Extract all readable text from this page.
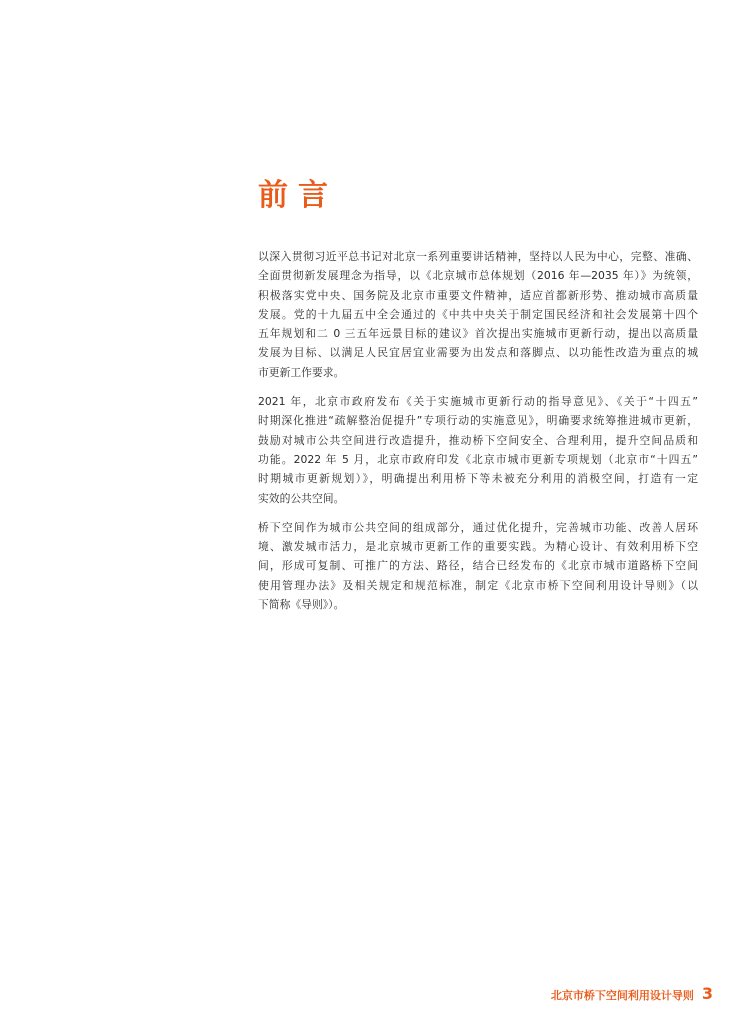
前言

以深入贯彻习近平总书记对北京一系列重要讲话精神，坚持以人民为中心，完整、准确、
全面贯彻新发展理念为指导，以《北京城市总体规划（2016 年—2035 年）》为统领，
积极落实党中央、国务院及北京市重要文件精神，适应首都新形势、推动城市高质量
发展。党的十九届五中全会通过的《中共中央关于制定国民经济和社会发展第十四个
五年规划和二 0 三五年远景目标的建议》首次提出实施城市更新行动，提出以高质量
发展为目标、以满足人民宜居宜业需要为出发点和落脚点、以功能性改造为重点的城
市更新工作要求。

2021 年，北京市政府发布《关于实施城市更新行动的指导意见》、《关于“十四五”
时期深化推进“疏解整治促提升”专项行动的实施意见》，明确要求统筹推进城市更新，
鼓励对城市公共空间进行改造提升，推动桥下空间安全、合理利用，提升空间品质和
功能。2022 年 5 月，北京市政府印发《北京市城市更新专项规划（北京市“十四五”
时期城市更新规划）》，明确提出利用桥下等未被充分利用的消极空间，打造有一定
实效的公共空间。

桥下空间作为城市公共空间的组成部分，通过优化提升，完善城市功能、改善人居环
境、激发城市活力，是北京城市更新工作的重要实践。为精心设计、有效利用桥下空
间，形成可复制、可推广的方法、路径，结合已经发布的《北京市城市道路桥下空间
使用管理办法》及相关规定和规范标准，制定《北京市桥下空间利用设计导则》（以
下简称《导则》）。

北京市桥下空间利用设计导则 3
